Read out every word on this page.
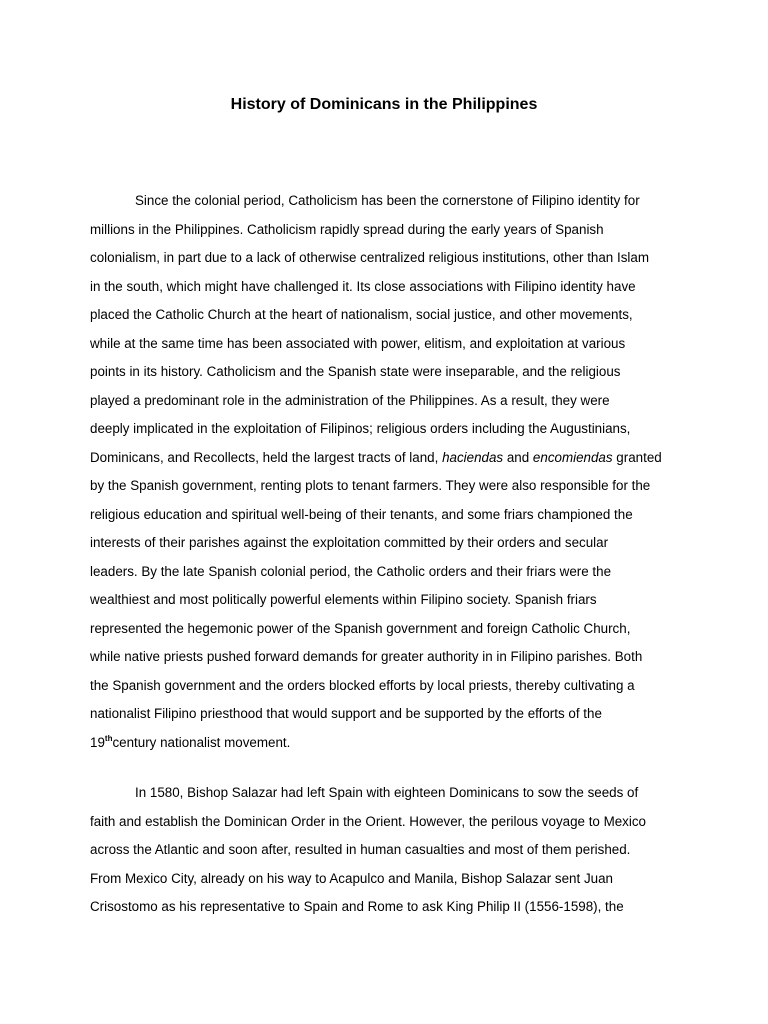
History of Dominicans in the Philippines
Since the colonial period, Catholicism has been the cornerstone of Filipino identity for
millions in the Philippines. Catholicism rapidly spread during the early years of Spanish
colonialism, in part due to a lack of otherwise centralized religious institutions, other than Islam
in the south, which might have challenged it. Its close associations with Filipino identity have
placed the Catholic Church at the heart of nationalism, social justice, and other movements,
while at the same time has been associated with power, elitism, and exploitation at various
points in its history. Catholicism and the Spanish state were inseparable, and the religious
played a predominant role in the administration of the Philippines. As a result, they were
deeply implicated in the exploitation of Filipinos; religious orders including the Augustinians,
Dominicans, and Recollects, held the largest tracts of land, haciendas and encomiendas granted
by the Spanish government, renting plots to tenant farmers. They were also responsible for the
religious education and spiritual well-being of their tenants, and some friars championed the
interests of their parishes against the exploitation committed by their orders and secular
leaders. By the late Spanish colonial period, the Catholic orders and their friars were the
wealthiest and most politically powerful elements within Filipino society. Spanish friars
represented the hegemonic power of the Spanish government and foreign Catholic Church,
while native priests pushed forward demands for greater authority in in Filipino parishes. Both
the Spanish government and the orders blocked efforts by local priests, thereby cultivating a
nationalist Filipino priesthood that would support and be supported by the efforts of the
19thcentury nationalist movement.
In 1580, Bishop Salazar had left Spain with eighteen Dominicans to sow the seeds of
faith and establish the Dominican Order in the Orient. However, the perilous voyage to Mexico
across the Atlantic and soon after, resulted in human casualties and most of them perished.
From Mexico City, already on his way to Acapulco and Manila, Bishop Salazar sent Juan
Crisostomo as his representative to Spain and Rome to ask King Philip II (1556-1598), the
